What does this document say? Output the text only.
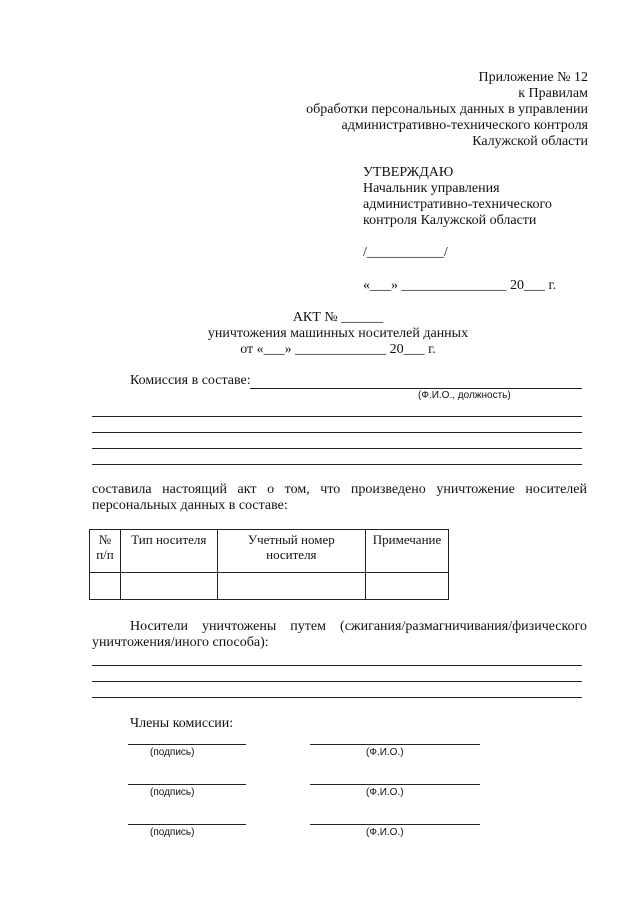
Приложение № 12
к Правилам
обработки персональных данных в управлении
административно-технического контроля
Калужской области
УТВЕРЖДАЮ
Начальник управления
административно-технического
контроля Калужской области
/___________/
«___» _______________ 20___ г.
АКТ № ______
уничтожения машинных носителей данных
от «___» _____________ 20___ г.
Комиссия в составе:
(Ф.И.О., должность)
составила настоящий акт о том, что произведено уничтожение носителей
персональных данных в составе:
№ п/п	Тип носителя	Учетный номер носителя	Примечание

Носители уничтожены путем (сжигания/размагничивания/физического
уничтожения/иного способа):
Члены комиссии:
(подпись)	(Ф.И.О.)
(подпись)	(Ф.И.О.)
(подпись)	(Ф.И.О.)
